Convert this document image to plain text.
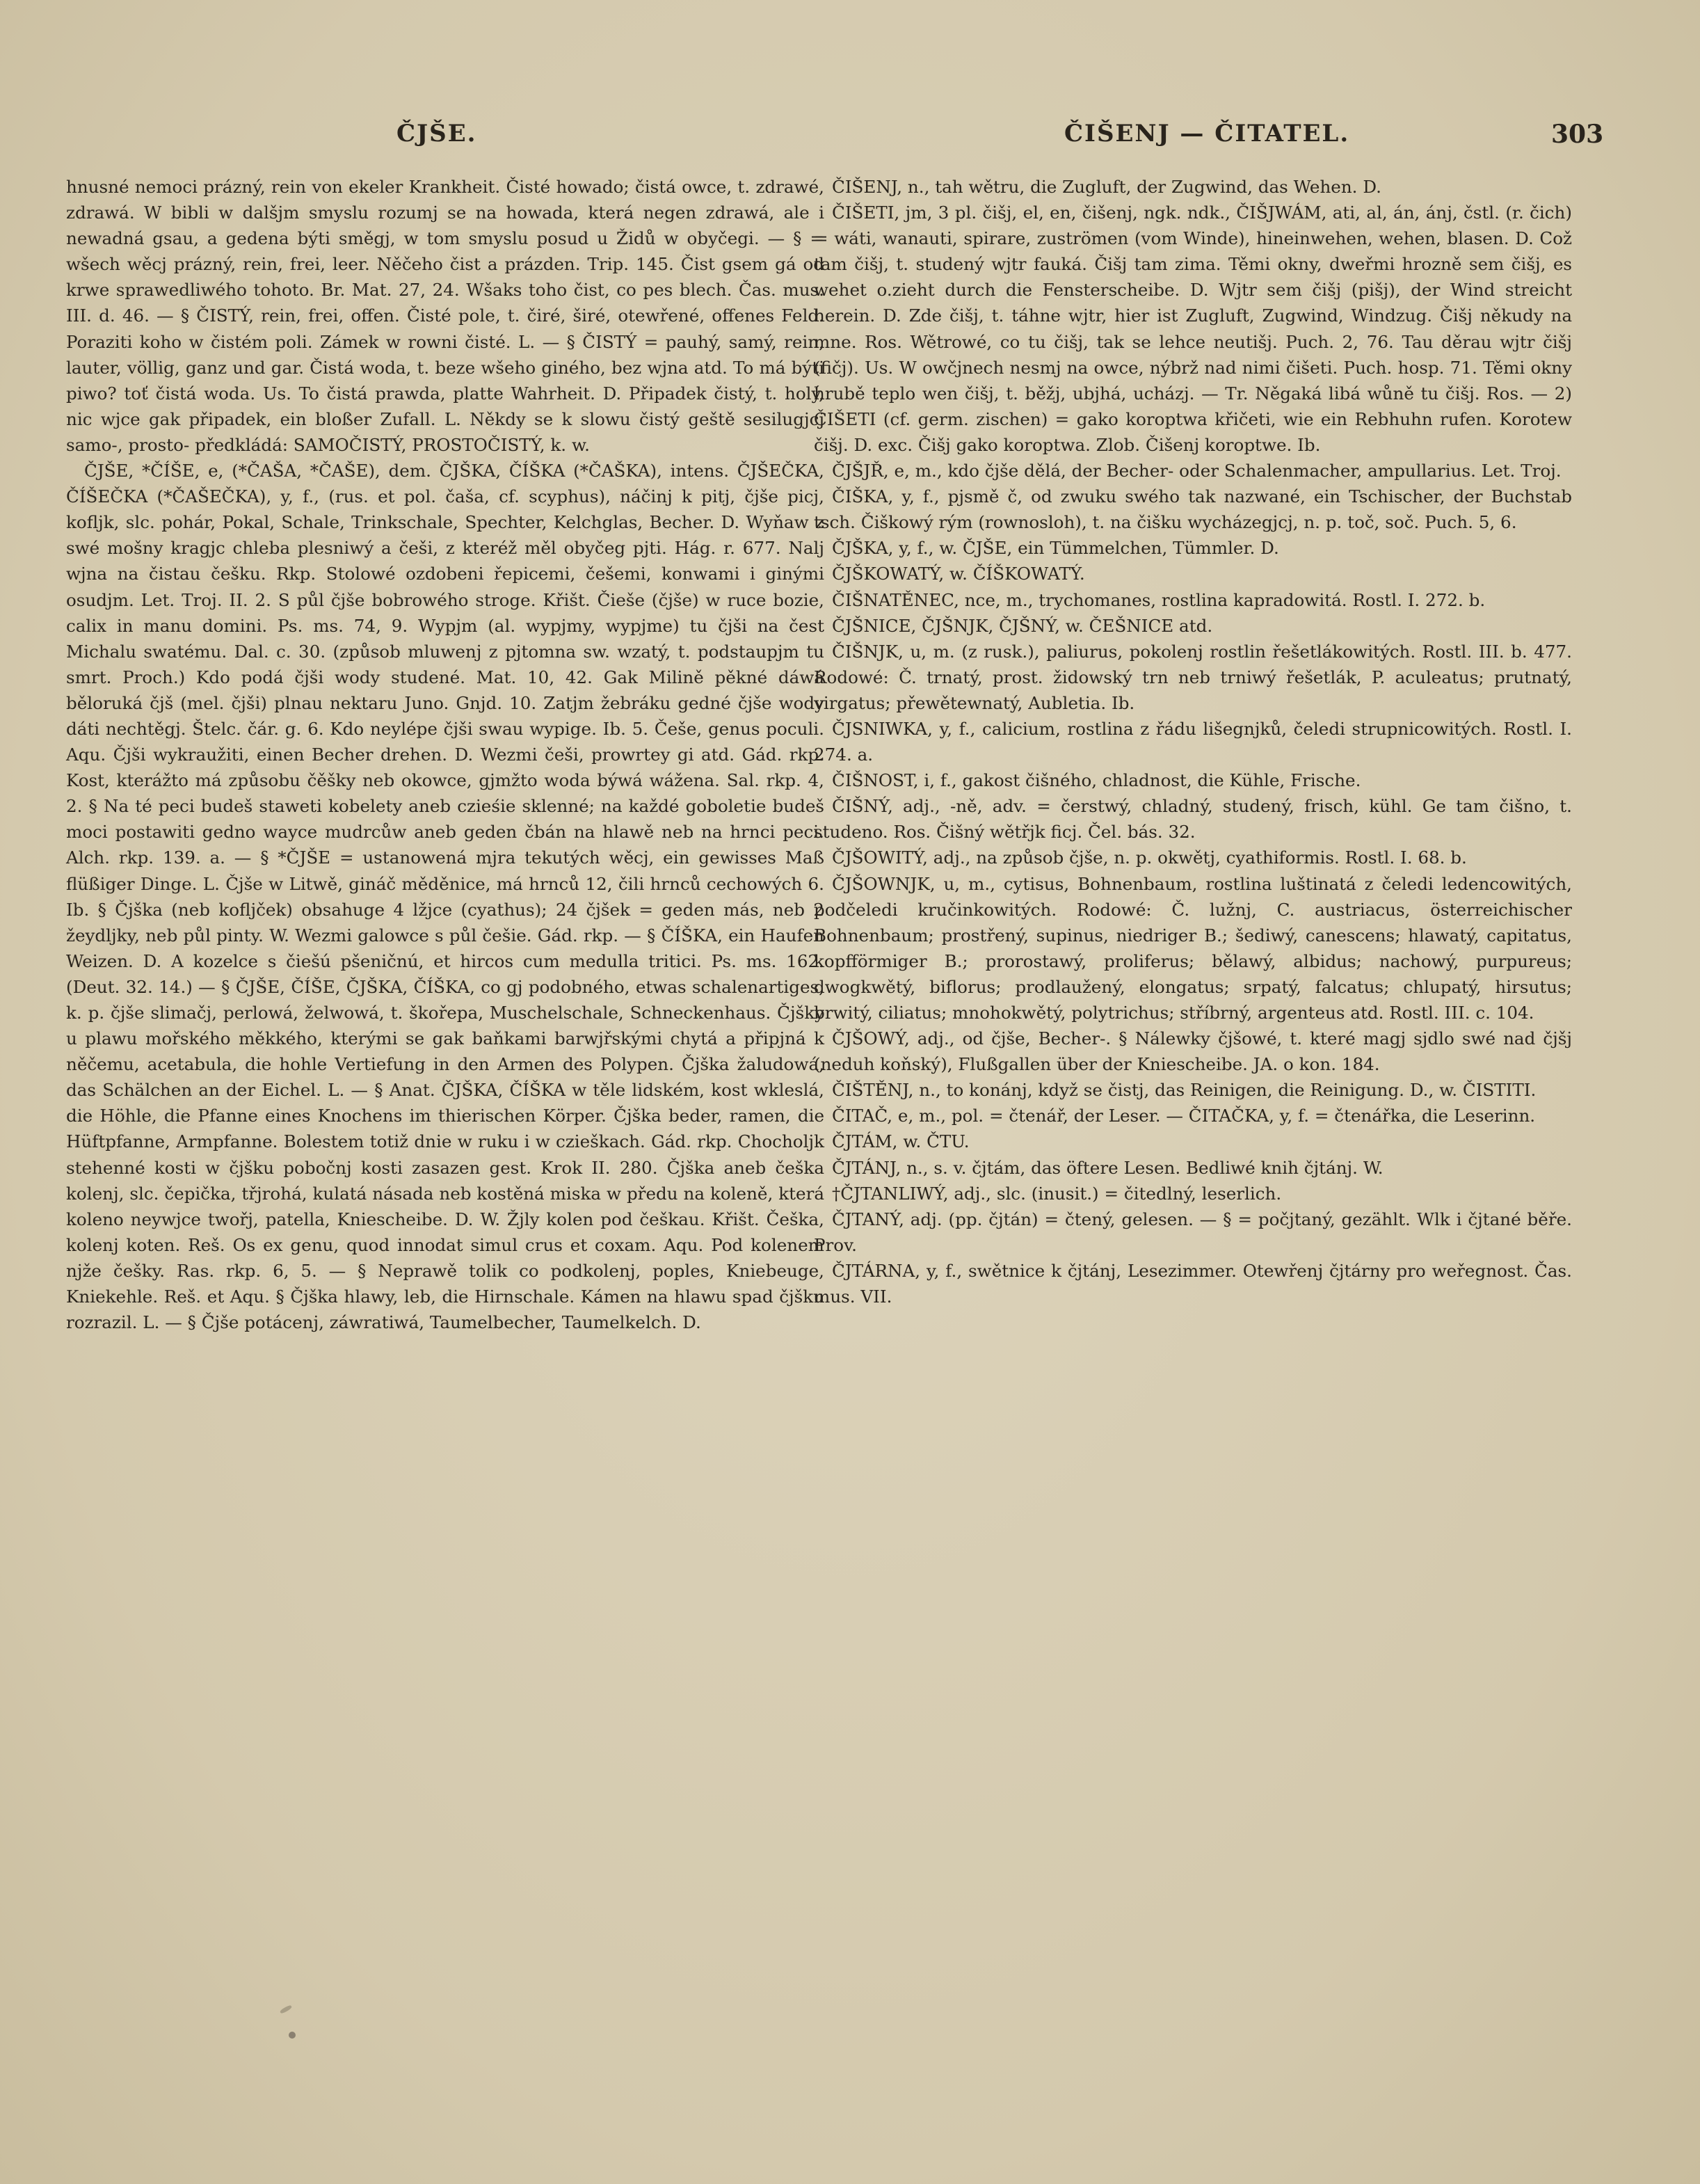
ČJŠE.	ČIŠENJ — ČITATEL.	303

hnusné nemoci prázný, rein von ekeler Krankheit. Čisté howado; čistá owce, t. zdrawé, zdrawá. W bibli w dalšjm smyslu rozumj se na howada, která negen zdrawá, ale i newadná gsau, a gedena býti směgj, w tom smyslu posud u Židů w obyčegi. — § = wšech wěcj prázný, rein, frei, leer. Něčeho čist a prázden. Trip. 145. Čist gsem gá od krwe sprawedliwého tohoto. Br. Mat. 27, 24. Wšaks toho čist, co pes blech. Čas. mus. III. d. 46. — § ČISTÝ, rein, frei, offen. Čisté pole, t. čiré, širé, otewřené, offenes Feld. Poraziti koho w čistém poli. Zámek w rowni čisté. L. — § ČISTÝ = pauhý, samý, rein, lauter, völlig, ganz und gar. Čistá woda, t. beze wšeho giného, bez wjna atd. To má býti piwo? toť čistá woda. Us. To čistá prawda, platte Wahrheit. D. Připadek čistý, t. holý, nic wjce gak připadek, ein bloßer Zufall. L. Někdy se k slowu čistý geště sesilugjcj samo-, prosto- předkládá: SAMOČISTÝ, PROSTOČISTÝ, k. w.

ČJŠE, *ČÍŠE, e, (*ČAŠA, *ČAŠE), dem. ČJŠKA, ČÍŠKA (*ČAŠKA), intens. ČJŠEČKA, ČÍŠEČKA (*ČAŠEČKA), y, f., (rus. et pol. čaša, cf. scyphus), náčinj k pitj, čjše picj, koflјk, slc. pohár, Pokal, Schale, Trinkschale, Spechter, Kelchglas, Becher. D. Wyňaw z swé mošny kragjc chleba plesniwý a češi, z kteréž měl obyčeg pjti. Hág. r. 677. Nalj wjna na čistau češku. Rkp. Stolowé ozdobeni řepicemi, češemi, konwami i ginými osudjm. Let. Troj. II. 2. S půl čjše bobrowého stroge. Křišt. Čieše (čjše) w ruce bozie, calix in manu domini. Ps. ms. 74, 9. Wypjm (al. wypjmy, wypjme) tu čjši na čest Michalu swatému. Dal. c. 30. (způsob mluwenj z pjtomna sw. wzatý, t. podstaupjm tu smrt. Proch.) Kdo podá čjši wody studené. Mat. 10, 42. Gak Milině pěkné dáwá běloruká čjš (mel. čjši) plnau nektaru Juno. Gnjd. 10. Zatjm žebráku gedné čjše wody dáti nechtěgj. Štelc. čár. g. 6. Kdo neylépe čjši swau wypige. Ib. 5. Češe, genus poculi. Aqu. Čjši wykraužiti, einen Becher drehen. D. Wezmi češi, prowrtey gi atd. Gád. rkp. Kost, kterážto má způsobu čěšky neb okowce, gjmžto woda býwá wážena. Sal. rkp. 4, 2. § Na té peci budeš staweti kobelety aneb czieśie sklenné; na každé goboletie budeš moci postawiti gedno wayce mudrcůw aneb geden čbán na hlawě neb na hrnci peci. Alch. rkp. 139. a. — § *ČJŠE = ustanowená mjra tekutých wěcj, ein gewisses Maß flüßiger Dinge. L. Čjše w Litwě, gináč měděnice, má hrnců 12, čili hrnců cechowých 6. Ib. § Čjška (neb koflјček) obsahuge 4 lžjce (cyathus); 24 čjšek = geden más, neb 2 žeydljky, neb půl pinty. W. Wezmi galowce s půl češie. Gád. rkp. — § ČÍŠKA, ein Haufen Weizen. D. A kozelce s čiešú pšeničnú, et hircos cum medulla tritici. Ps. ms. 162. (Deut. 32. 14.) — § ČJŠE, ČÍŠE, ČJŠKA, ČÍŠKA, co gj podobného, etwas schalenartiges, k. p. čjše slimačj, perlowá, želwowá, t. škořepa, Muschelschale, Schneckenhaus. Čjšky u plawu mořského měkkého, kterými se gak baňkami barwjřskými chytá a připjná k něčemu, acetabula, die hohle Vertiefung in den Armen des Polypen. Čjška žaludowá, das Schälchen an der Eichel. L. — § Anat. ČJŠKA, ČÍŠKA w těle lidském, kost wkleslá, die Höhle, die Pfanne eines Knochens im thierischen Körper. Čjška beder, ramen, die Hüftpfanne, Armpfanne. Bolestem totiž dnie w ruku i w czieškach. Gád. rkp. Chocholjk stehenné kosti w čjšku pobočnj kosti zasazen gest. Krok II. 280. Čjška aneb češka kolenj, slc. čepička, třjrohá, kulatá násada neb kostěná miska w předu na koleně, která koleno neywjce twořj, patella, Kniescheibe. D. W. Žjly kolen pod češkau. Křišt. Češka, kolenj koten. Reš. Os ex genu, quod innodat simul crus et coxam. Aqu. Pod kolenem njže češky. Ras. rkp. 6, 5. — § Neprawě tolik co podkolenj, poples, Kniebeuge, Kniekehle. Reš. et Aqu. § Čjška hlawy, leb, die Hirnschale. Kámen na hlawu spad čjšku rozrazil. L. — § Čjše potácenj, záwratiwá, Taumelbecher, Taumelkelch. D.

ČIŠENJ, n., tah wětru, die Zugluft, der Zugwind, das Wehen. D.

ČIŠETI, jm, 3 pl. čišj, el, en, čišenj, ngk. ndk., ČIŠJWÁM, ati, al, án, ánj, čstl. (r. čich) = wáti, wanauti, spirare, zuströmen (vom Winde), hineinwehen, wehen, blasen. D. Což tam čišj, t. studený wjtr fauká. Čišj tam zima. Těmi okny, dweřmi hrozně sem čišj, es wehet o.zieht durch die Fensterscheibe. D. Wjtr sem čišj (pišj), der Wind streicht herein. D. Zde čišj, t. táhne wjtr, hier ist Zugluft, Zugwind, Windzug. Čišj někudy na mne. Ros. Wětrowé, co tu čišj, tak se lehce neutišj. Puch. 2, 76. Tau děrau wjtr čišj (fičj). Us. W owčjnech nesmj na owce, nýbrž nad nimi čišeti. Puch. hosp. 71. Těmi okny hrubě teplo wen čišj, t. běžj, ubjhá, ucházj. — Tr. Něgaká libá wůně tu čišj. Ros. — 2) ČIŠETI (cf. germ. zischen) = gako koroptwa křičeti, wie ein Rebhuhn rufen. Korotew čišj. D. exc. Čišj gako koroptwa. Zlob. Čišenj koroptwe. Ib.

ČJŠJŘ, e, m., kdo čjše dělá, der Becher- oder Schalenmacher, ampullarius. Let. Troj.

ČIŠKA, y, f., pjsmě č, od zwuku swého tak nazwané, ein Tschischer, der Buchstab tsch. Čiškowý rým (rownosloh), t. na čišku wycházegjcj, n. p. toč, soč. Puch. 5, 6.

ČJŠKA, y, f., w. ČJŠE, ein Tümmelchen, Tümmler. D.

ČJŠKOWATÝ, w. ČÍŠKOWATÝ.

ČIŠNATĚNEC, nce, m., trychomanes, rostlina kapradowitá. Rostl. I. 272. b.

ČJŠNICE, ČJŠNJK, ČJŠNÝ, w. ČEŠNICE atd.

ČIŠNJK, u, m. (z rusk.), paliurus, pokolenj rostlin řešetlákowitých. Rostl. III. b. 477. Rodowé: Č. trnatý, prost. židowský trn neb trniwý řešetlák, P. aculeatus; prutnatý, virgatus; přewětewnatý, Aubletia. Ib.

ČJSNIWKA, y, f., calicium, rostlina z řádu lišegnjků, čeledi strupnicowitých. Rostl. I. 274. a.

ČIŠNOST, i, f., gakost čišného, chladnost, die Kühle, Frische.

ČIŠNÝ, adj., -ně, adv. = čerstwý, chladný, studený, frisch, kühl. Ge tam čišno, t. studeno. Ros. Čišný wětřjk ficj. Čel. bás. 32.

ČJŠOWITÝ, adj., na způsob čjše, n. p. okwětj, cyathiformis. Rostl. I. 68. b.

ČJŠOWNJK, u, m., cytisus, Bohnenbaum, rostlina luštinatá z čeledi ledencowitých, podčeledi kručinkowitých. Rodowé: Č. lužnj, C. austriacus, österreichischer Bohnenbaum; prostřený, supinus, niedriger B.; šediwý, canescens; hlawatý, capitatus, kopfförmiger B.; prorostawý, proliferus; bělawý, albidus; nachowý, purpureus; dwogkwětý, biflorus; prodlaužený, elongatus; srpatý, falcatus; chlupatý, hirsutus; brwitý, ciliatus; mnohokwětý, polytrichus; stříbrný, argenteus atd. Rostl. III. c. 104.

ČJŠOWÝ, adj., od čjše, Becher-. § Nálewky čjšowé, t. které magj sjdlo swé nad čjšj (neduh koňský), Flußgallen über der Kniescheibe. JA. o kon. 184.

ČIŠTĚNJ, n., to konánj, když se čistj, das Reinigen, die Reinigung. D., w. ČISTITI.

ČITAČ, e, m., pol. = čtenář, der Leser. — ČITAČKA, y, f. = čtenářka, die Leserinn.

ČJTÁM, w. ČTU.

ČJTÁNJ, n., s. v. čjtám, das öftere Lesen. Bedliwé knih čjtánj. W.

†ČJTANLIWÝ, adj., slc. (inusit.) = čitedlný, leserlich.

ČJTANÝ, adj. (pp. čjtán) = čtený, gelesen. — § = počjtaný, gezählt. Wlk i čjtané běře. Prov.

ČJTÁRNA, y, f., swětnice k čjtánj, Lesezimmer. Otewřenj čjtárny pro weřegnost. Čas. mus. VII.
